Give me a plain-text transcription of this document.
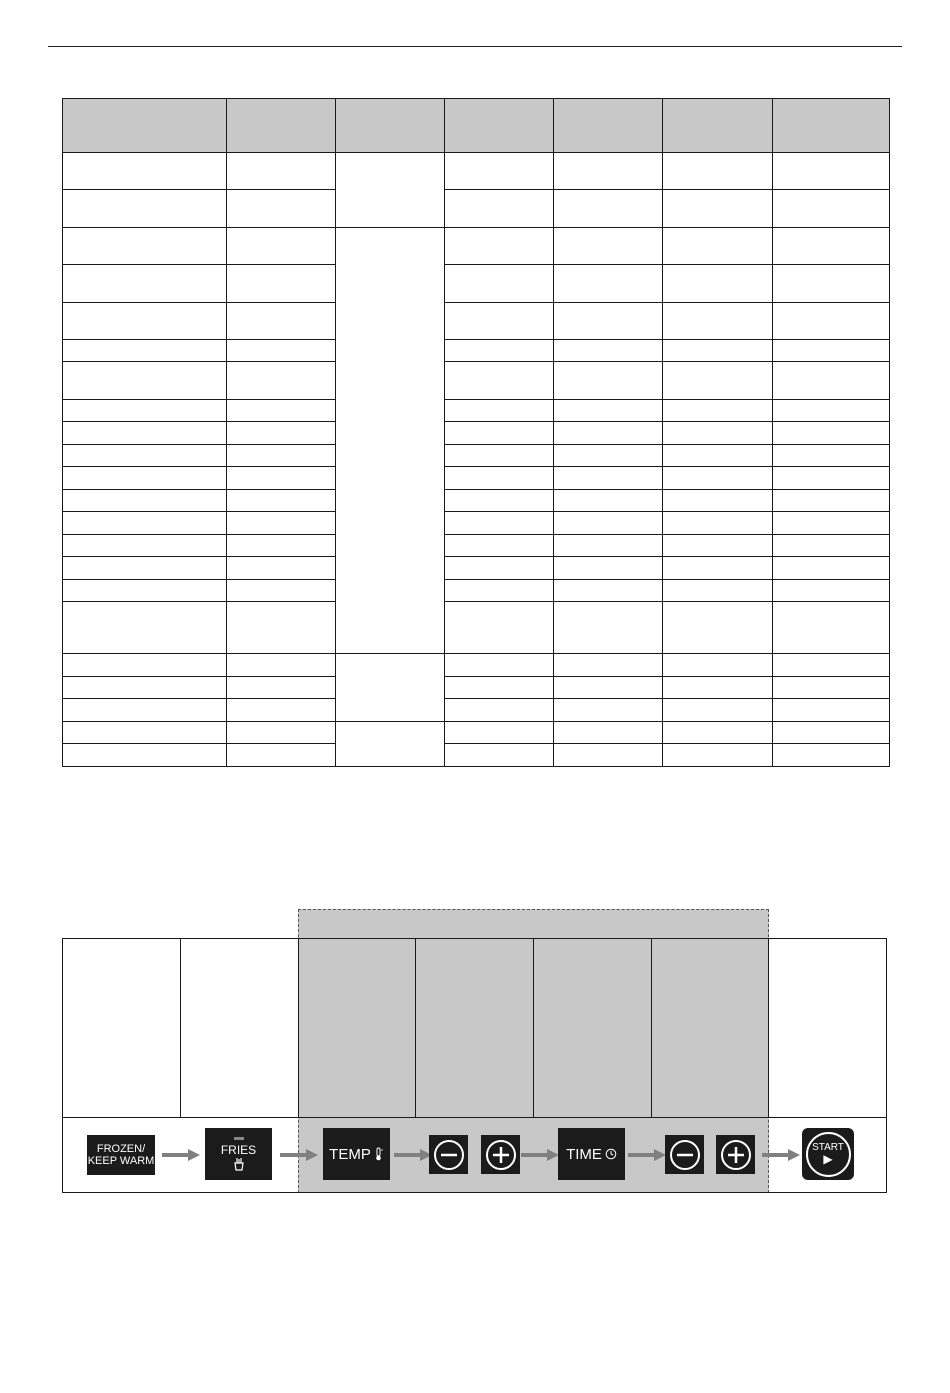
FROZEN/
KEEP WARM
FRIES	TEMP	TIME	START
▶
